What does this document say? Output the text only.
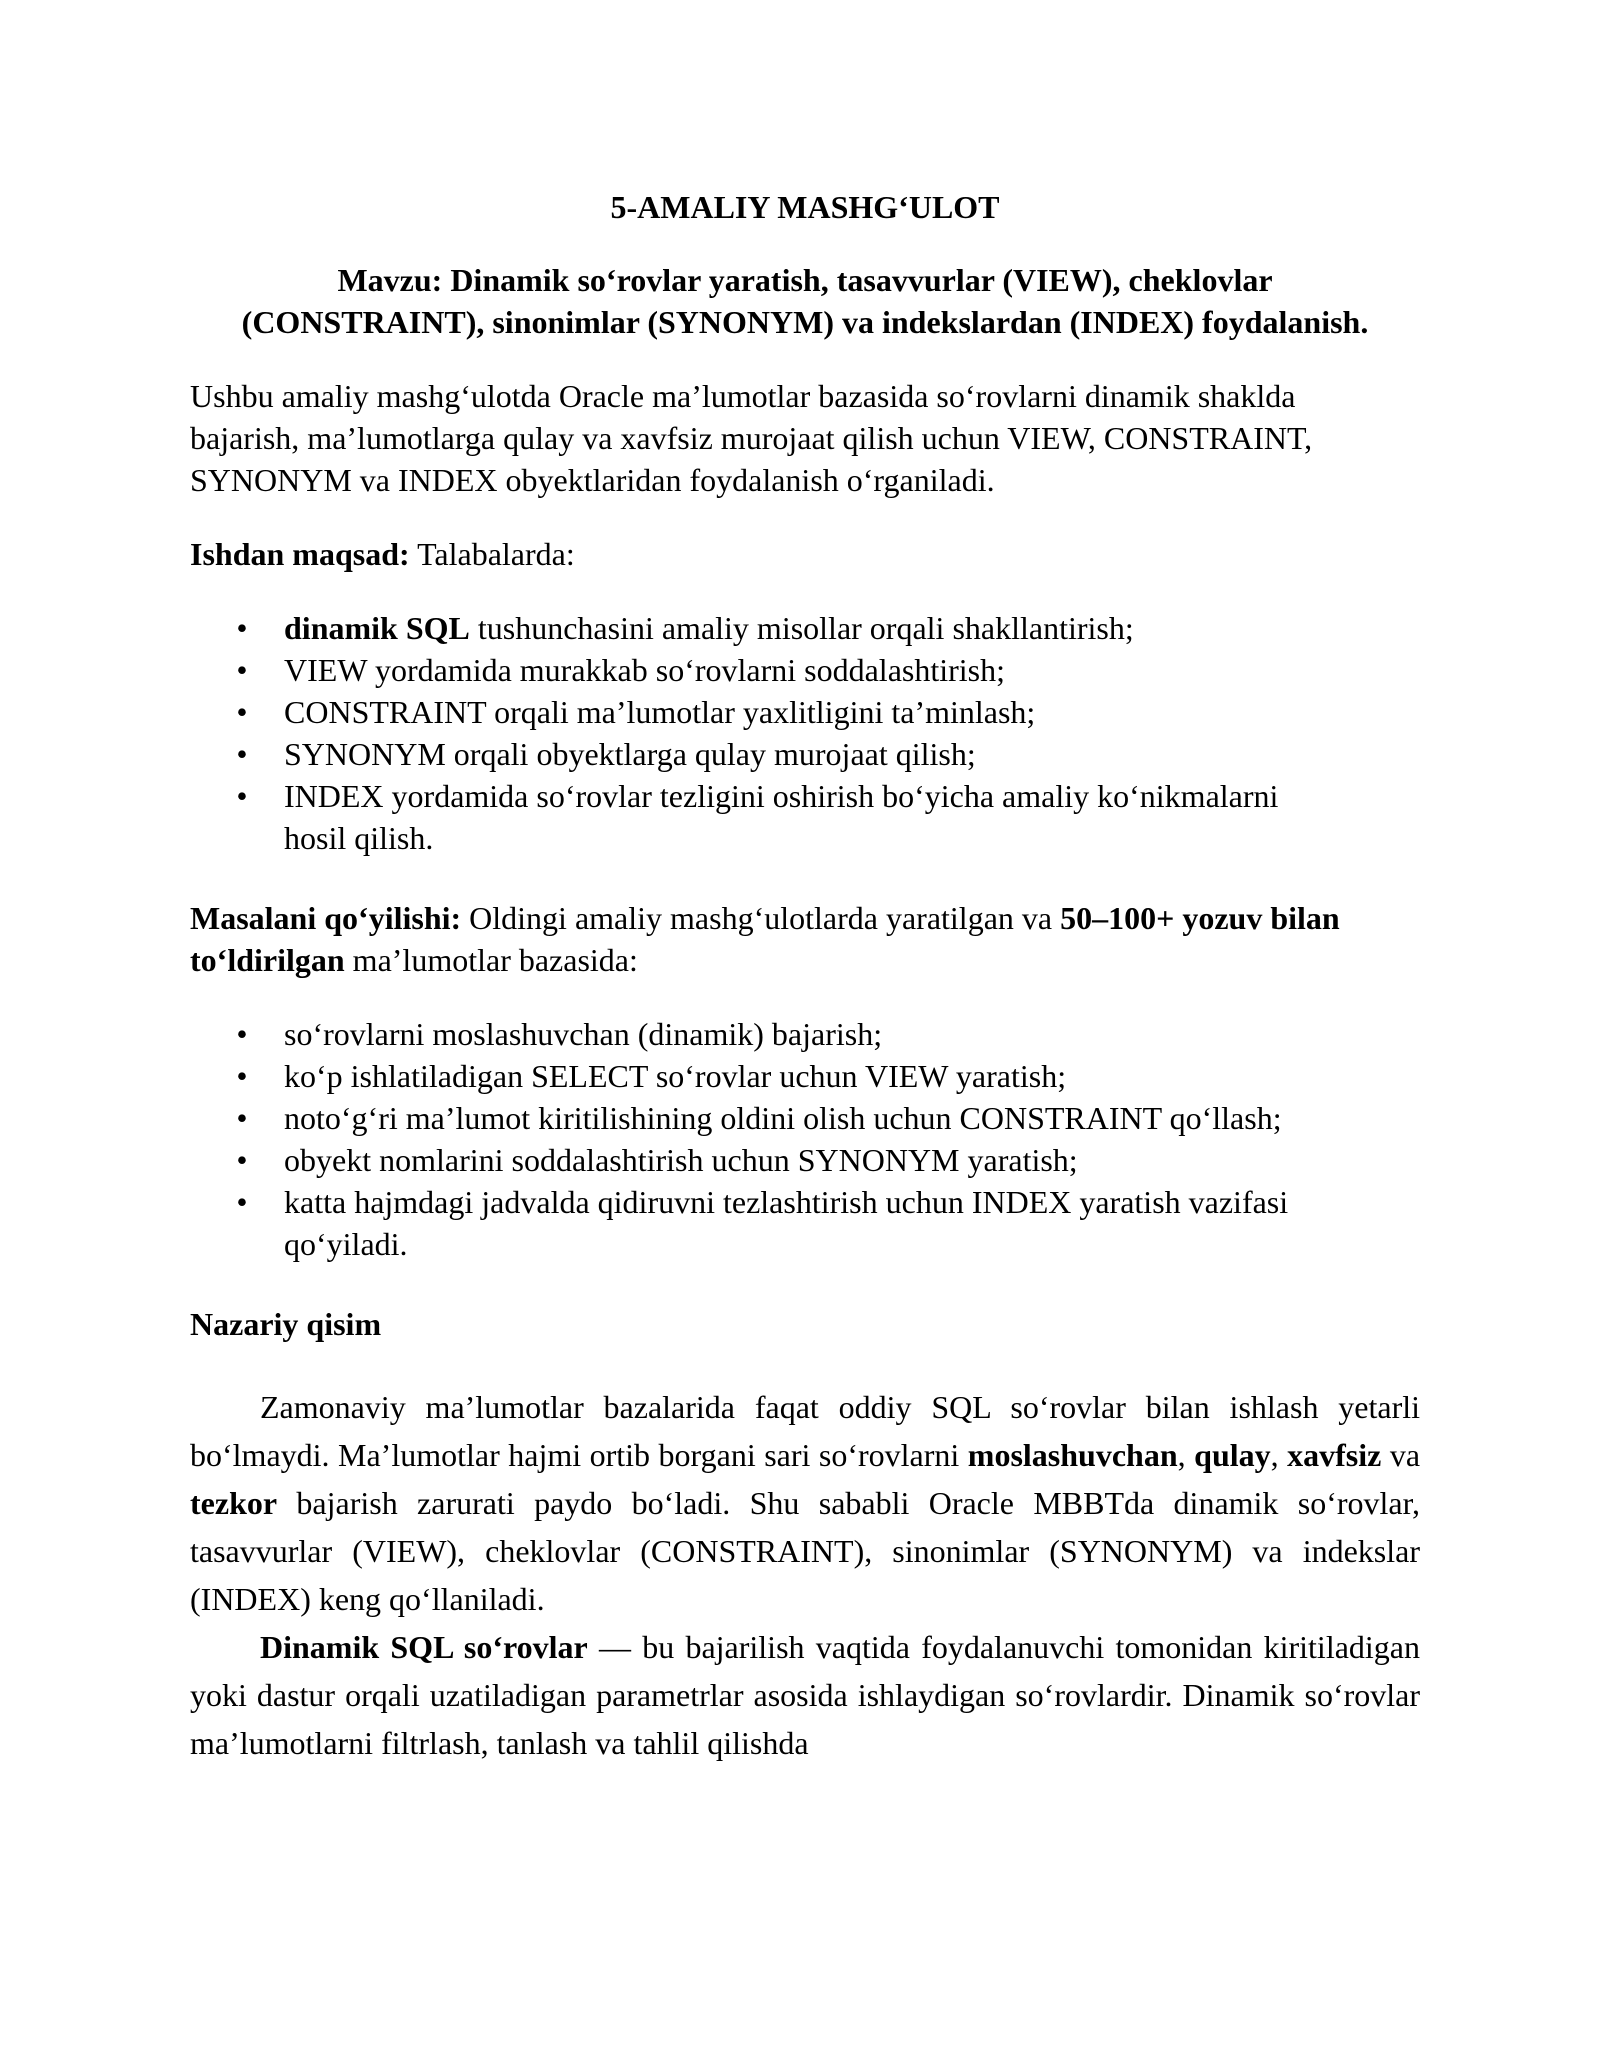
5-AMALIY MASHG‘ULOT

Mavzu: Dinamik so‘rovlar yaratish, tasavvurlar (VIEW), cheklovlar (CONSTRAINT), sinonimlar (SYNONYM) va indekslardan (INDEX) foydalanish.

Ushbu amaliy mashg‘ulotda Oracle ma’lumotlar bazasida so‘rovlarni dinamik shaklda bajarish, ma’lumotlarga qulay va xavfsiz murojaat qilish uchun VIEW, CONSTRAINT, SYNONYM va INDEX obyektlaridan foydalanish o‘rganiladi.

Ishdan maqsad: Talabalarda:

• dinamik SQL tushunchasini amaliy misollar orqali shakllantirish;
• VIEW yordamida murakkab so‘rovlarni soddalashtirish;
• CONSTRAINT orqali ma’lumotlar yaxlitligini ta’minlash;
• SYNONYM orqali obyektlarga qulay murojaat qilish;
• INDEX yordamida so‘rovlar tezligini oshirish bo‘yicha amaliy ko‘nikmalarni hosil qilish.

Masalani qo‘yilishi: Oldingi amaliy mashg‘ulotlarda yaratilgan va 50–100+ yozuv bilan to‘ldirilgan ma’lumotlar bazasida:

• so‘rovlarni moslashuvchan (dinamik) bajarish;
• ko‘p ishlatiladigan SELECT so‘rovlar uchun VIEW yaratish;
• noto‘g‘ri ma’lumot kiritilishining oldini olish uchun CONSTRAINT qo‘llash;
• obyekt nomlarini soddalashtirish uchun SYNONYM yaratish;
• katta hajmdagi jadvalda qidiruvni tezlashtirish uchun INDEX yaratish vazifasi qo‘yiladi.

Nazariy qisim

Zamonaviy ma’lumotlar bazalarida faqat oddiy SQL so‘rovlar bilan ishlash yetarli bo‘lmaydi. Ma’lumotlar hajmi ortib borgani sari so‘rovlarni moslashuvchan, qulay, xavfsiz va tezkor bajarish zarurati paydo bo‘ladi. Shu sababli Oracle MBBTda dinamik so‘rovlar, tasavvurlar (VIEW), cheklovlar (CONSTRAINT), sinonimlar (SYNONYM) va indekslar (INDEX) keng qo‘llaniladi.

Dinamik SQL so‘rovlar — bu bajarilish vaqtida foydalanuvchi tomonidan kiritiladigan yoki dastur orqali uzatiladigan parametrlar asosida ishlaydigan so‘rovlardir. Dinamik so‘rovlar ma’lumotlarni filtrlash, tanlash va tahlil qilishda
